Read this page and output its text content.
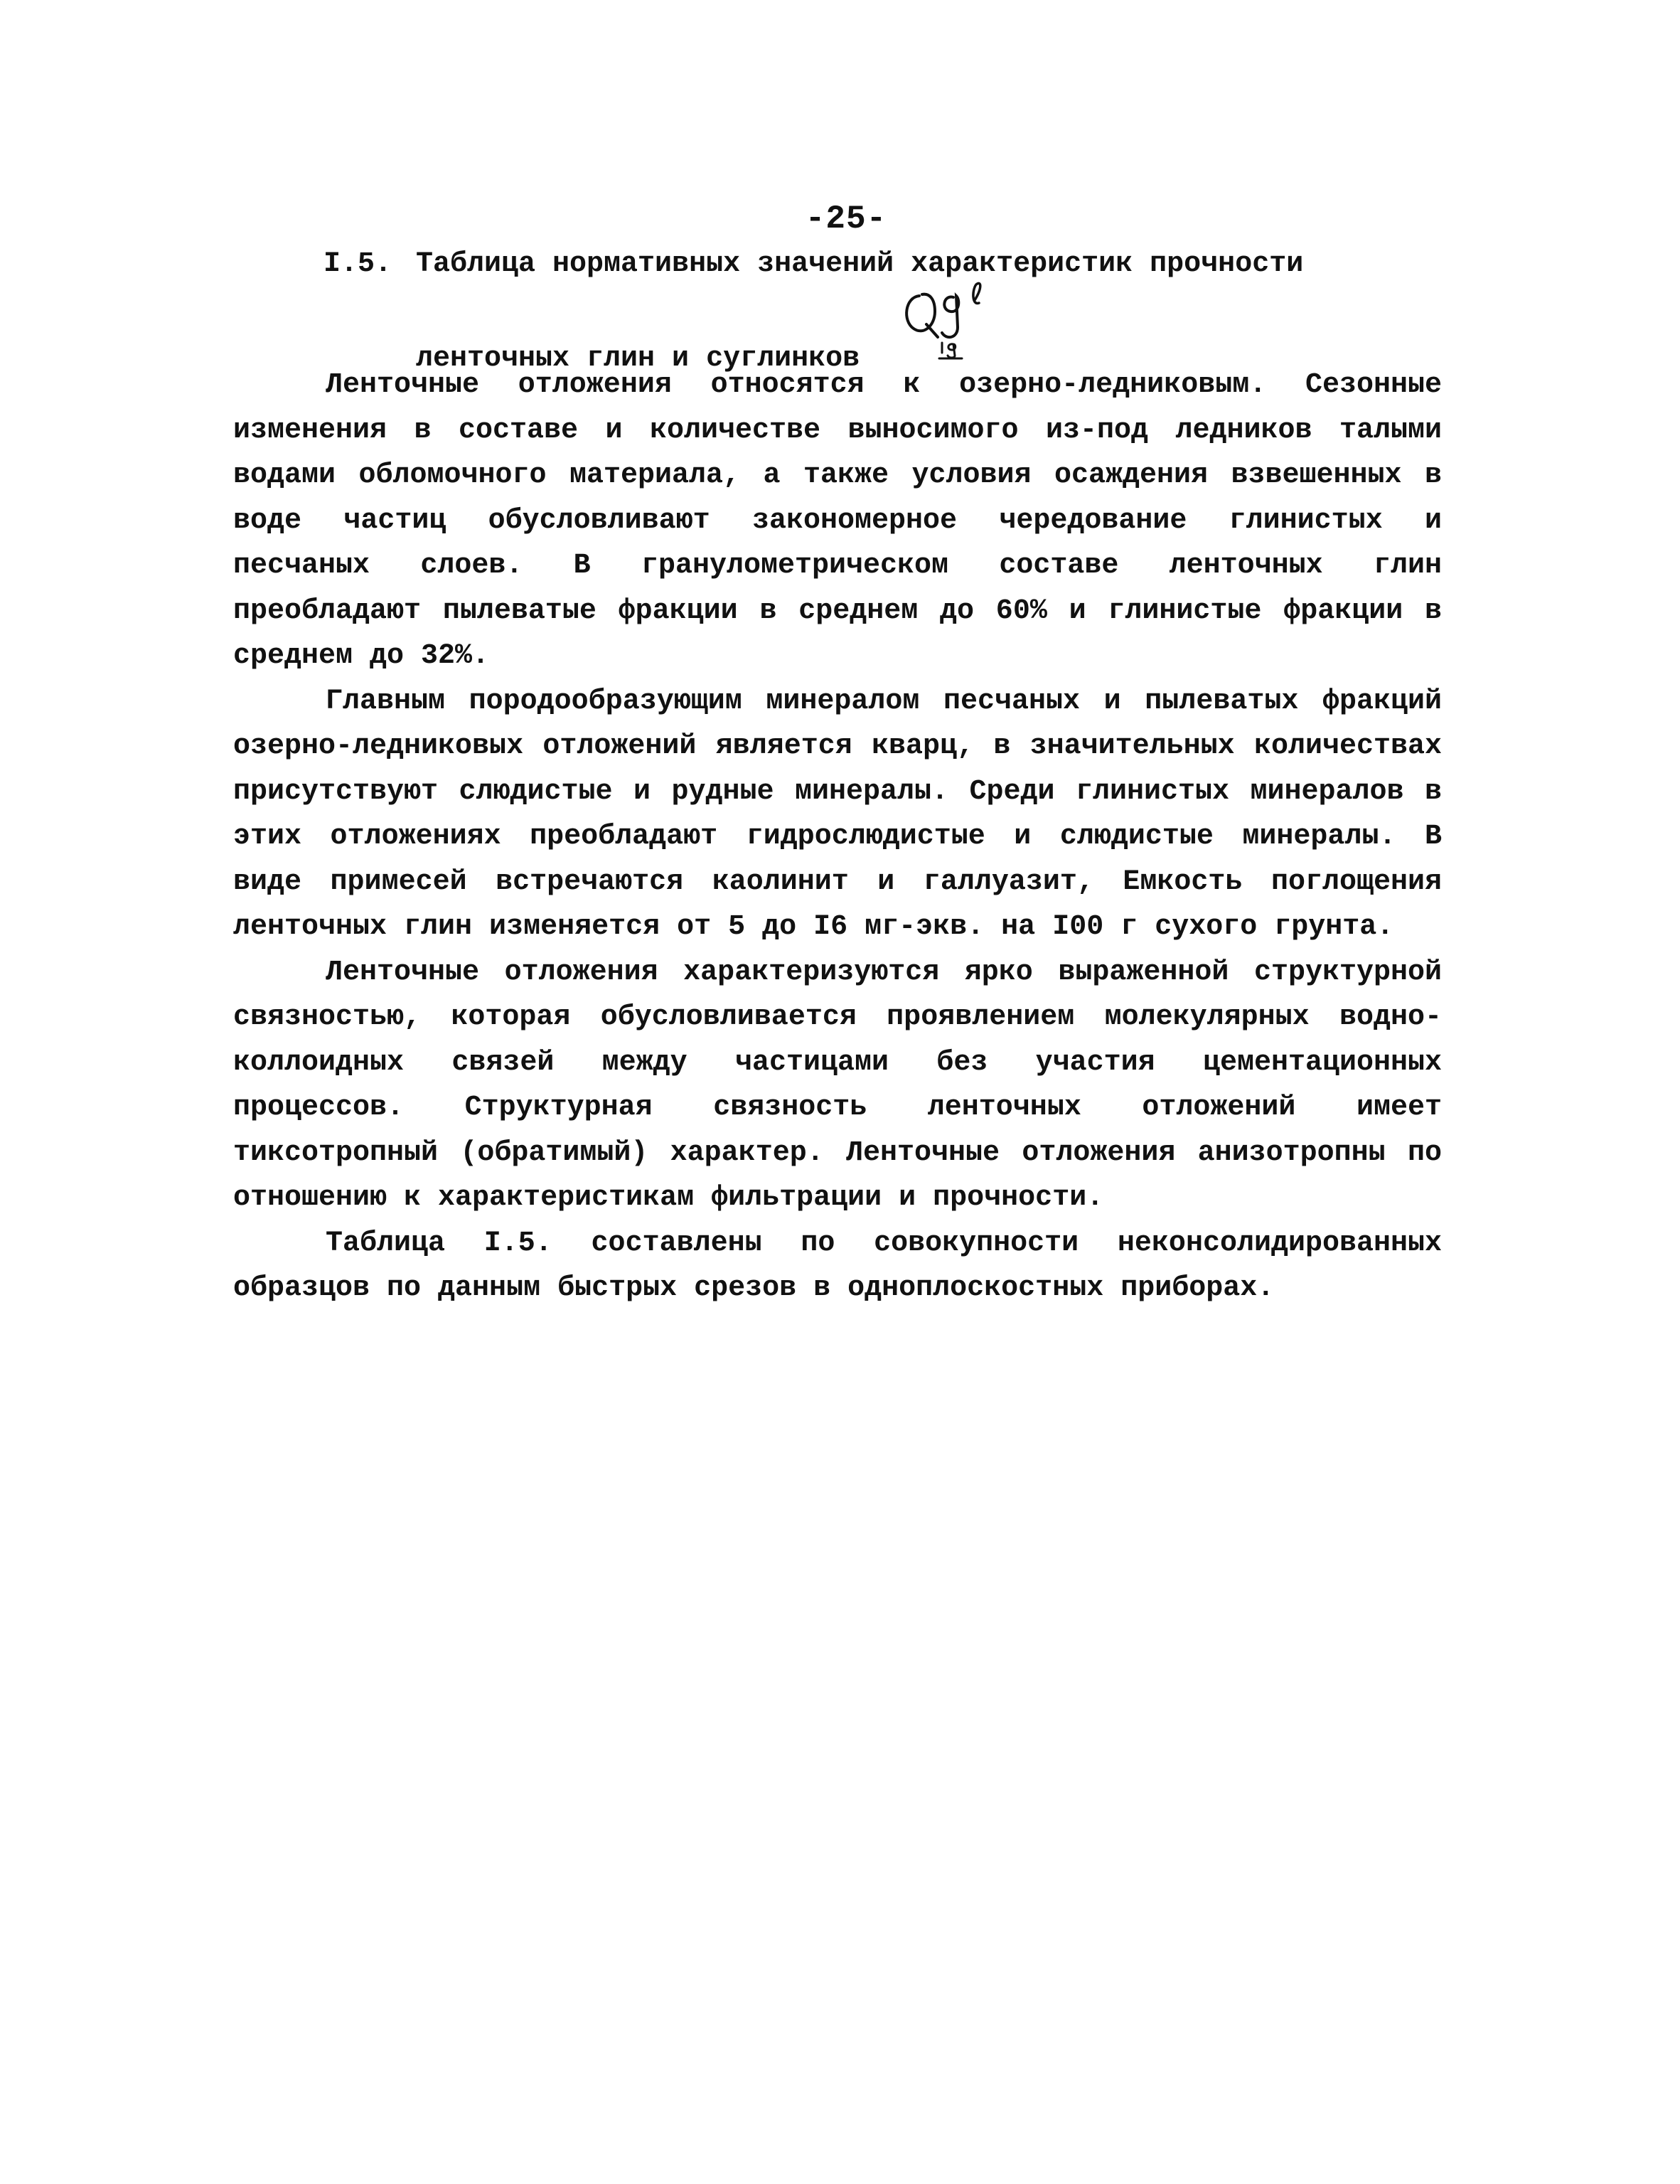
-25-
I.5. Таблица нормативных значений характеристик прочности
ленточных глин и суглинков

Ленточные отложения относятся к озерно-ледниковым. Сезонные изменения в составе и количестве выносимого из-под ледников талыми водами обломочного материала, а также условия осаждения взвешенных в воде частиц обусловливают закономерное чередование глинистых и песчаных слоев. В гранулометрическом составе ленточных глин преобладают пылеватые фракции в среднем до 60% и глинистые фракции в среднем до 32%.

Главным породообразующим минералом песчаных и пылеватых фракций озерно-ледниковых отложений является кварц, в значительных количествах присутствуют слюдистые и рудные минералы. Среди глинистых минералов в этих отложениях преобладают гидрослюдистые и слюдистые минералы. В виде примесей встречаются каолинит и галлуазит, Емкость поглощения ленточных глин изменяется от 5 до I6 мг-экв. на I00 г сухого грунта.

Ленточные отложения характеризуются ярко выраженной структурной связностью, которая обусловливается проявлением молекулярных водно-коллоидных связей между частицами без участия цементационных процессов. Структурная связность ленточных отложений имеет тиксотропный (обратимый) характер. Ленточные отложения анизотропны по отношению к характеристикам фильтрации и прочности.

Таблица I.5. составлены по совокупности неконсолидированных образцов по данным быстрых срезов в одноплоскостных приборах.
